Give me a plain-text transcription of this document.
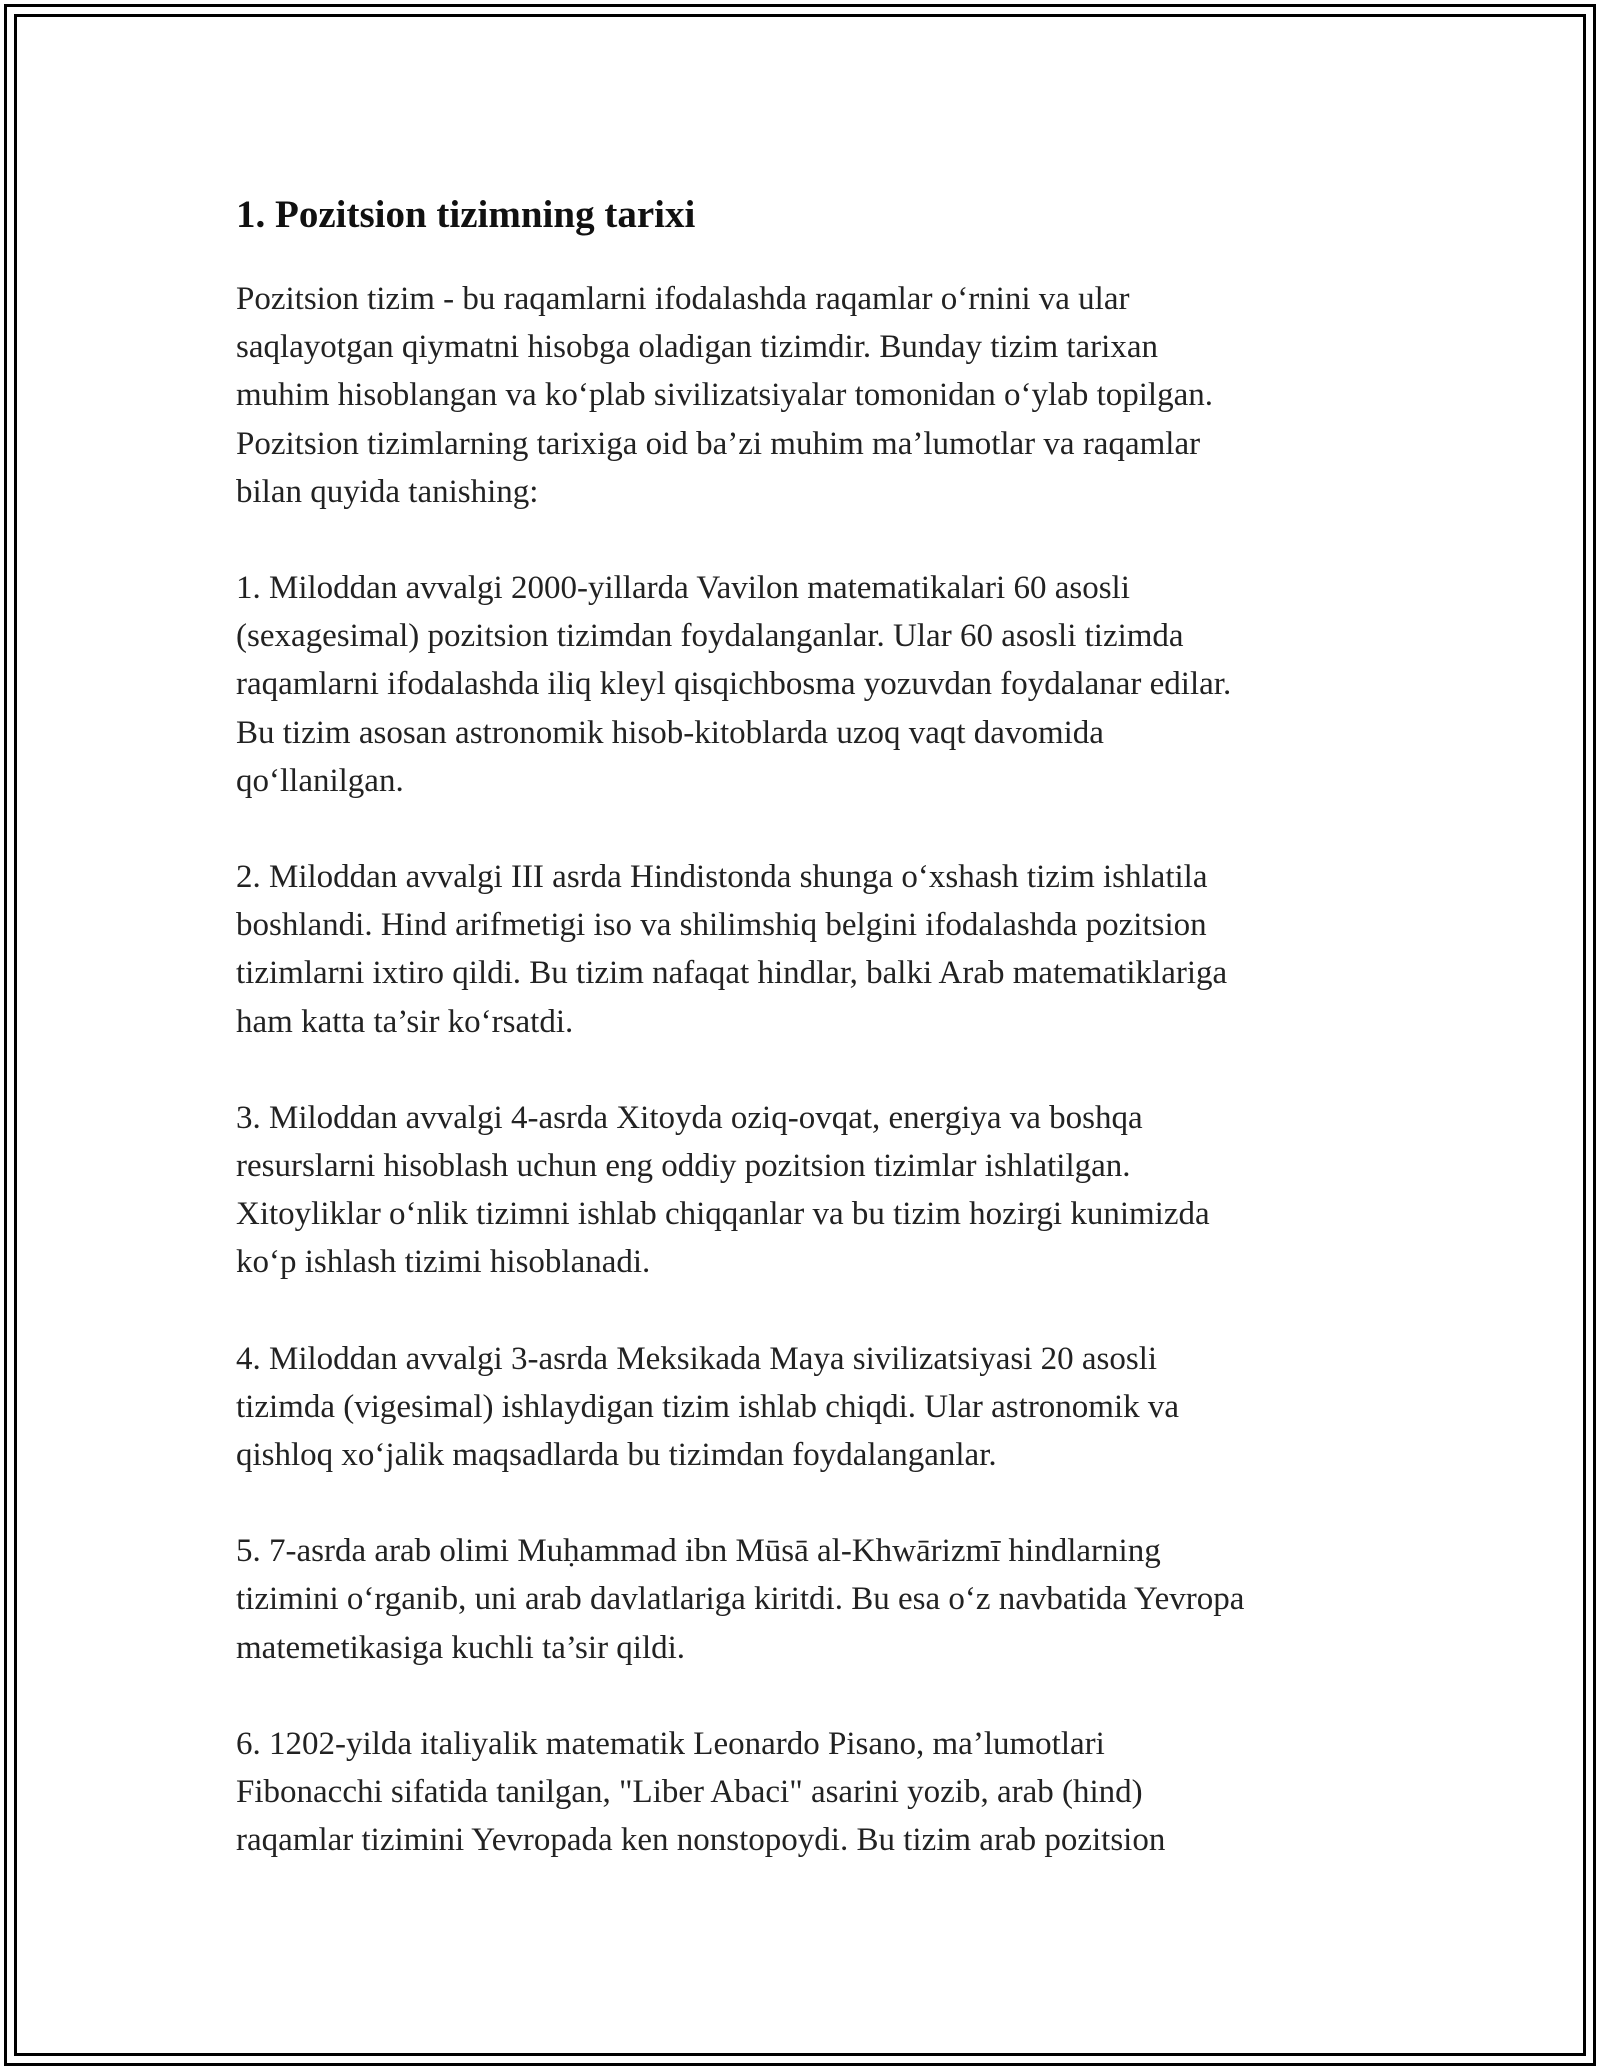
1. Pozitsion tizimning tarixi
Pozitsion tizim - bu raqamlarni ifodalashda raqamlar o‘rnini va ular
saqlayotgan qiymatni hisobga oladigan tizimdir. Bunday tizim tarixan
muhim hisoblangan va ko‘plab sivilizatsiyalar tomonidan o‘ylab topilgan.
Pozitsion tizimlarning tarixiga oid ba’zi muhim ma’lumotlar va raqamlar
bilan quyida tanishing:
1. Miloddan avvalgi 2000-yillarda Vavilon matematikalari 60 asosli
(sexagesimal) pozitsion tizimdan foydalanganlar. Ular 60 asosli tizimda
raqamlarni ifodalashda iliq kleyl qisqichbosma yozuvdan foydalanar edilar.
Bu tizim asosan astronomik hisob-kitoblarda uzoq vaqt davomida
qo‘llanilgan.
2. Miloddan avvalgi III asrda Hindistonda shunga o‘xshash tizim ishlatila
boshlandi. Hind arifmetigi iso va shilimshiq belgini ifodalashda pozitsion
tizimlarni ixtiro qildi. Bu tizim nafaqat hindlar, balki Arab matematiklariga
ham katta ta’sir ko‘rsatdi.
3. Miloddan avvalgi 4-asrda Xitoyda oziq-ovqat, energiya va boshqa
resurslarni hisoblash uchun eng oddiy pozitsion tizimlar ishlatilgan.
Xitoyliklar o‘nlik tizimni ishlab chiqqanlar va bu tizim hozirgi kunimizda
ko‘p ishlash tizimi hisoblanadi.
4. Miloddan avvalgi 3-asrda Meksikada Maya sivilizatsiyasi 20 asosli
tizimda (vigesimal) ishlaydigan tizim ishlab chiqdi. Ular astronomik va
qishloq xo‘jalik maqsadlarda bu tizimdan foydalanganlar.
5. 7-asrda arab olimi Muḥammad ibn Mūsā al-Khwārizmī hindlarning
tizimini o‘rganib, uni arab davlatlariga kiritdi. Bu esa o‘z navbatida Yevropa
matemetikasiga kuchli ta’sir qildi.
6. 1202-yilda italiyalik matematik Leonardo Pisano, ma’lumotlari
Fibonacchi sifatida tanilgan, "Liber Abaci" asarini yozib, arab (hind)
raqamlar tizimini Yevropada ken nonstopoydi. Bu tizim arab pozitsion
